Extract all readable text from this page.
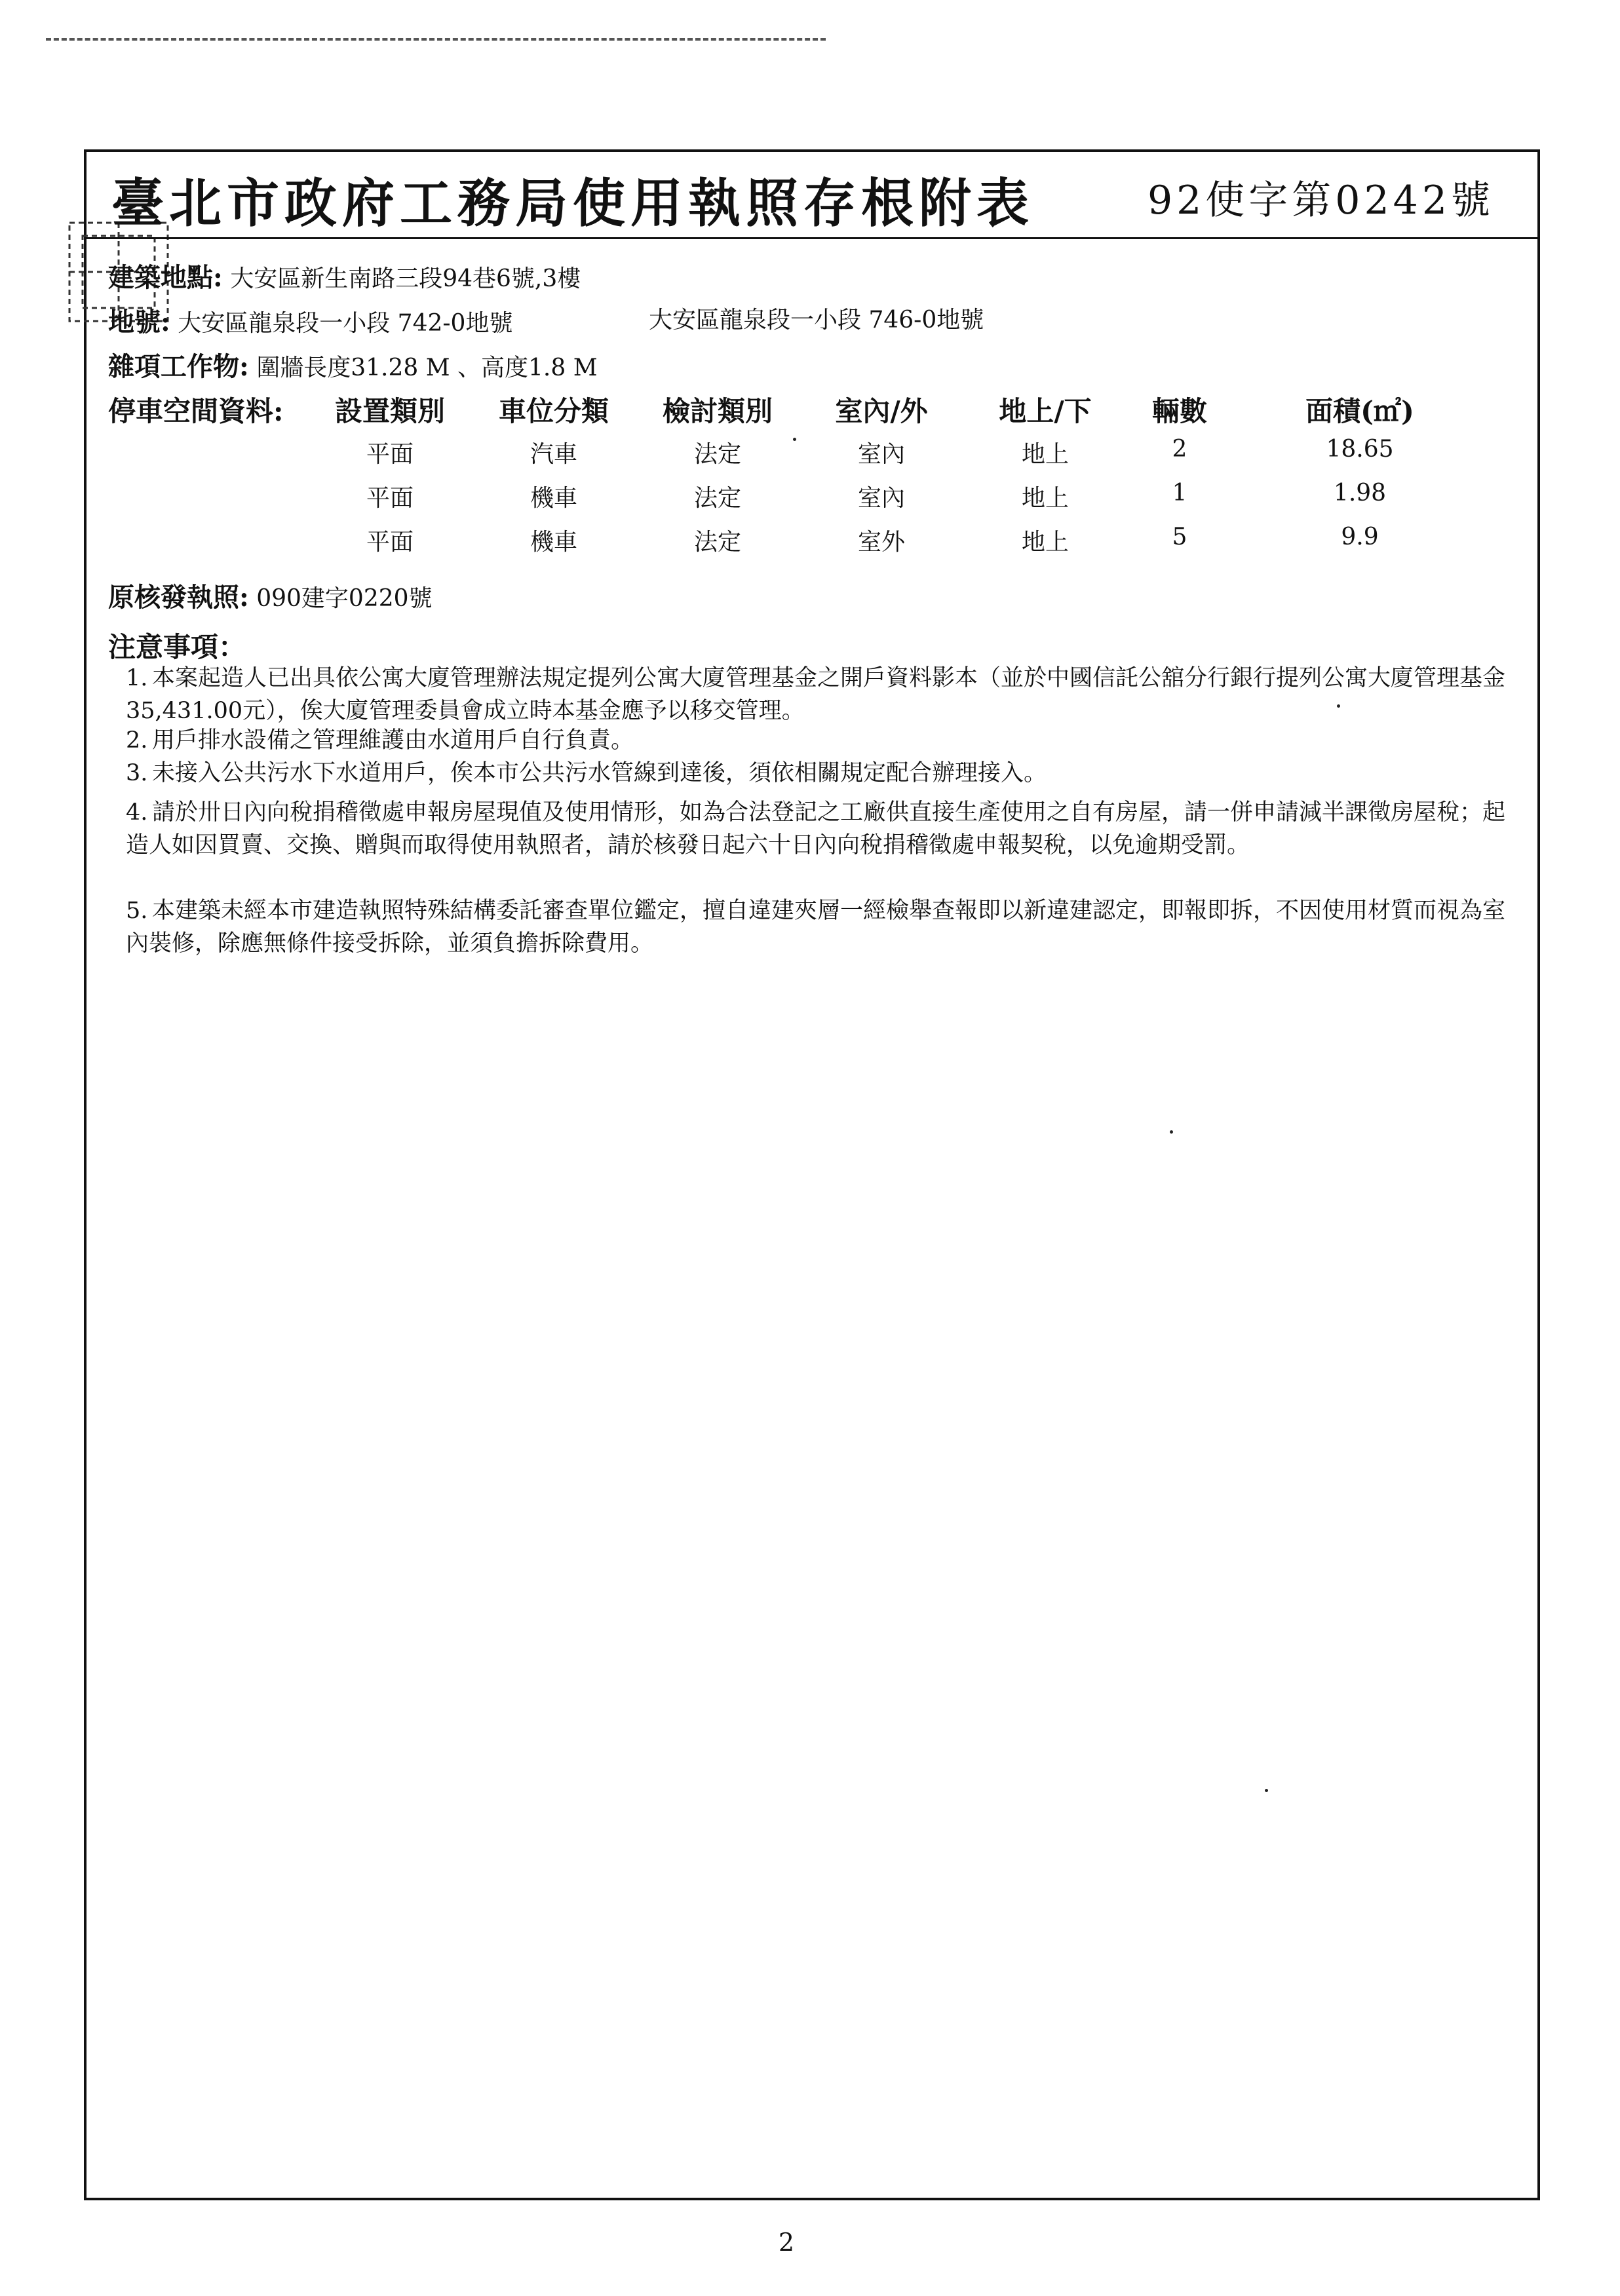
臺北市政府工務局使用執照存根附表	92使字第0242號
建築地點: 大安區新生南路三段94巷6號,3樓
地號: 大安區龍泉段一小段 742-0地號	大安區龍泉段一小段 746-0地號
雜項工作物: 圍牆長度31.28 M 、高度1.8 M
停車空間資料:	設置類別	車位分類	檢討類別	室內/外	地上/下	輛數	面積(㎡)
平面	汽車	法定	室內	地上	2	18.65
平面	機車	法定	室內	地上	1	1.98
平面	機車	法定	室外	地上	5	9.9
原核發執照: 090建字0220號
注意事項：
1. 本案起造人已出具依公寓大廈管理辦法規定提列公寓大廈管理基金之開戶資料影本（並於中國信託公舘分行銀行提列公寓大廈管理基金35,431.00元），俟大廈管理委員會成立時本基金應予以移交管理。
2. 用戶排水設備之管理維護由水道用戶自行負責。
3. 未接入公共污水下水道用戶，俟本市公共污水管線到達後，須依相關規定配合辦理接入。
4. 請於卅日內向稅捐稽徵處申報房屋現值及使用情形，如為合法登記之工廠供直接生產使用之自有房屋，請一併申請減半課徵房屋稅；起造人如因買賣、交換、贈與而取得使用執照者，請於核發日起六十日內向稅捐稽徵處申報契稅，以免逾期受罰。
5. 本建築未經本市建造執照特殊結構委託審查單位鑑定，擅自違建夾層一經檢舉查報即以新違建認定，即報即拆，不因使用材質而視為室內裝修，除應無條件接受拆除，並須負擔拆除費用。
2
